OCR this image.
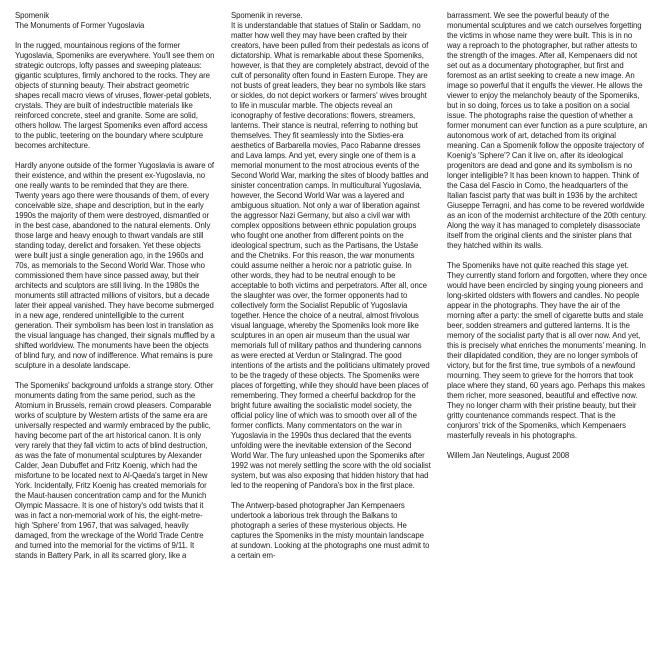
Spomenik

The Monuments of Former Yugoslavia

In the rugged, mountainous regions of the former Yugoslavia, Spomeniks are everywhere. You'll see them on strategic outcrops, lofty passes and sweeping plateaus: gigantic sculptures, firmly anchored to the rocks. They are objects of stunning beauty. Their abstract geometric shapes recall macro views of viruses, flower-petal goblets, crystals. They are built of indestructible materials like reinforced concrete, steel and granite. Some are solid, others hollow. The largest Spomeniks even afford access to the public, teetering on the boundary where sculpture becomes architecture.

Hardly anyone outside of the former Yugoslavia is aware of their existence, and within the present ex-Yugoslavia, no one really wants to be reminded that they are there. Twenty years ago there were thousands of them, of every conceivable size, shape and description, but in the early 1990s the majority of them were destroyed, dismantled or in the best case, abandoned to the natural elements. Only those large and heavy enough to thwart vandals are still standing today, derelict and forsaken. Yet these objects were built just a single generation ago, in the 1960s and 70s, as memorials to the Second World War. Those who commissioned them have since passed away, but their architects and sculptors are still living. In the 1980s the monuments still attracted millions of visitors, but a decade later their appeal vanished. They have become submerged in a new age, rendered unintelligible to the current generation. Their symbolism has been lost in translation as the visual language has changed, their signals muffled by a shifted worldview. The monuments have been the objects of blind fury, and now of indifference. What remains is pure sculpture in a desolate landscape.

The Spomeniks' background unfolds a strange story. Other monuments dating from the same period, such as the Atomium in Brussels, remain crowd pleasers. Comparable works of sculpture by Western artists of the same era are universally respected and warmly embraced by the public, having become part of the art historical canon. It is only very rarely that they fall victim to acts of blind destruction, as was the fate of monumental sculptures by Alexander Calder, Jean Dubuffet and Fritz Koenig, which had the misfortune to be located next to Al-Qaeda's target in New York. Incidentally, Fritz Koenig has created memorials for the Maut-hausen concentration camp and for the Munich Olympic Massacre. It is one of history's odd twists that it was in fact a non-memorial work of his, the eight-metre-high 'Sphere' from 1967, that was salvaged, heavily damaged, from the wreckage of the World Trade Centre and turned into the memorial for the victims of 9/11. It stands in Battery Park, in all its scarred glory, like a

Spomenik in reverse.

It is understandable that statues of Stalin or Saddam, no matter how well they may have been crafted by their creators, have been pulled from their pedestals as icons of dictatorship. What is remarkable about these Spomeniks, however, is that they are completely abstract, devoid of the cult of personality often found in Eastern Europe. They are not busts of great leaders, they bear no symbols like stars or sickles, do not depict workers or farmers' wives brought to life in muscular marble. The objects reveal an iconography of festive decorations: flowers, streamers, lanterns. Their stance is neutral, referring to nothing but themselves. They fit seamlessly into the Sixties-era aesthetics of Barbarella movies, Paco Rabanne dresses and Lava lamps. And yet, every single one of them is a memorial monument to the most atrocious events of the Second World War, marking the sites of bloody battles and sinister concentration camps. In multicultural Yugoslavia, however, the Second World War was a layered and ambiguous situation. Not only a war of liberation against the aggressor Nazi Germany, but also a civil war with complex oppositions between ethnic population groups who fought one another from different points on the ideological spectrum, such as the Partisans, the Ustaše and the Chetniks. For this reason, the war monuments could assume neither a heroic nor a patriotic guise. In other words, they had to be neutral enough to be acceptable to both victims and perpetrators. After all, once the slaughter was over, the former opponents had to collectively form the Socialist Republic of Yugoslavia together. Hence the choice of a neutral, almost frivolous visual language, whereby the Spomeniks look more like sculptures in an open air museum than the usual war memorials full of military pathos and thundering cannons as were erected at Verdun or Stalingrad. The good intentions of the artists and the politicians ultimately proved to be the tragedy of these objects. The Spomeniks were places of forgetting, while they should have been places of remembering. They formed a cheerful backdrop for the bright future awaiting the socialistic model society, the official policy line of which was to smooth over all of the former conflicts. Many commentators on the war in Yugoslavia in the 1990s thus declared that the events unfolding were the inevitable extension of the Second World War. The fury unleashed upon the Spomeniks after 1992 was not merely settling the score with the old socialist system, but was also exposing that hidden history that had led to the reopening of Pandora's box in the first place.

The Antwerp-based photographer Jan Kempenaers undertook a laborious trek through the Balkans to photograph a series of these mysterious objects. He captures the Spomeniks in the misty mountain landscape at sundown. Looking at the photographs one must admit to a certain em-

barrassment. We see the powerful beauty of the monumental sculptures and we catch ourselves forgetting the victims in whose name they were built. This is in no way a reproach to the photographer, but rather attests to the strength of the images. After all, Kempenaers did not set out as a documentary photographer, but first and foremost as an artist seeking to create a new image. An image so powerful that it engulfs the viewer. He allows the viewer to enjoy the melancholy beauty of the Spomeniks, but in so doing, forces us to take a position on a social issue. The photographs raise the question of whether a former monument can ever function as a pure sculpture, an autonomous work of art, detached from its original meaning. Can a Spomenik follow the opposite trajectory of Koenig's 'Sphere'? Can it live on, after its ideological progenitors are dead and gone and its symbolism is no longer intelligible? It has been known to happen. Think of the Casa del Fascio in Como, the headquarters of the Italian fascist party that was built in 1936 by the architect Giuseppe Terragni, and has come to be revered worldwide as an icon of the modernist architecture of the 20th century. Along the way it has managed to completely disassociate itself from the original clients and the sinister plans that they hatched within its walls.

The Spomeniks have not quite reached this stage yet. They currently stand forlorn and forgotten, where they once would have been encircled by singing young pioneers and long-skirted oldsters with flowers and candles. No people appear in the photographs. They have the air of the morning after a party: the smell of cigarette butts and stale beer, sodden streamers and guttered lanterns. It is the memory of the socialist party that is all over now. And yet, this is precisely what enriches the monuments' meaning. In their dilapidated condition, they are no longer symbols of victory, but for the first time, true symbols of a newfound mourning. They seem to grieve for the horrors that took place where they stand, 60 years ago. Perhaps this makes them richer, more seasoned, beautiful and effective now. They no longer charm with their pristine beauty, but their gritty countenance commands respect. That is the conjurors' trick of the Spomeniks, which Kempenaers masterfully reveals in his photographs.

Willem Jan Neutelings, August 2008
